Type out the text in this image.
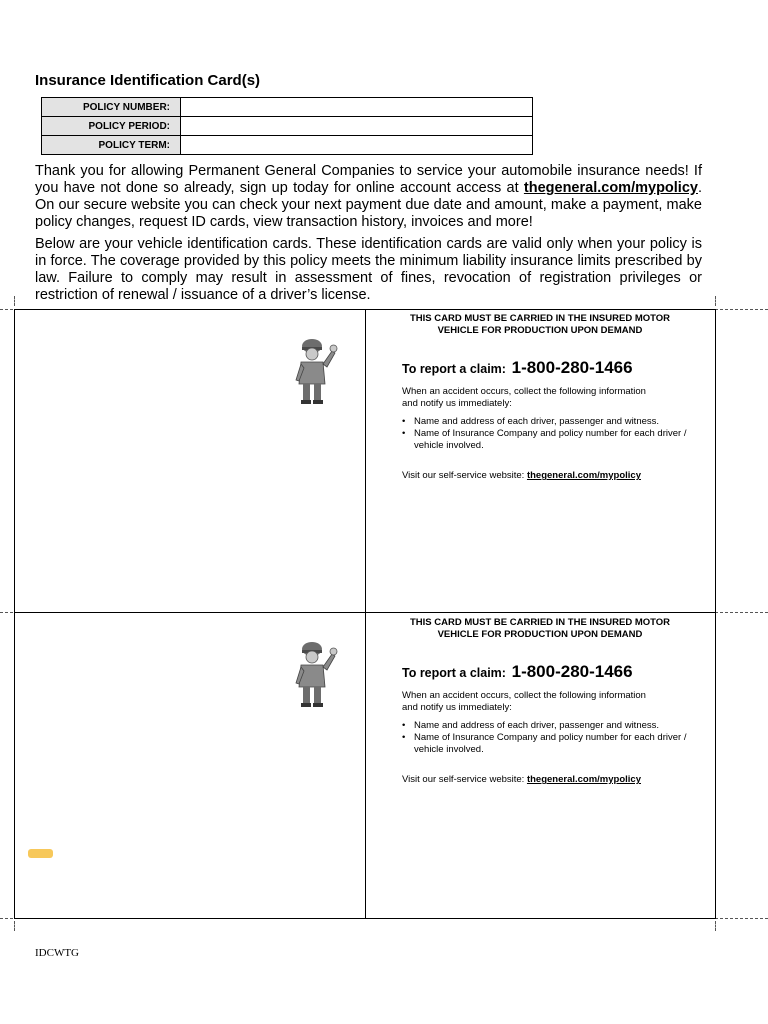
Insurance Identification Card(s)
POLICY NUMBER:	
POLICY PERIOD:	
POLICY TERM:	
Thank you for allowing Permanent General Companies to service your automobile insurance needs! If you have not done so already, sign up today for online account access at thegeneral.com/mypolicy. On our secure website you can check your next payment due date and amount, make a payment, make policy changes, request ID cards, view transaction history, invoices and more!
Below are your vehicle identification cards. These identification cards are valid only when your policy is in force. The coverage provided by this policy meets the minimum liability insurance limits prescribed by law. Failure to comply may result in assessment of fines, revocation of registration privileges or restriction of renewal / issuance of a driver’s license.
THIS CARD MUST BE CARRIED IN THE INSURED MOTOR
VEHICLE FOR PRODUCTION UPON DEMAND
To report a claim: 1-800-280-1466
When an accident occurs, collect the following information
and notify us immediately:
• Name and address of each driver, passenger and witness.
• Name of Insurance Company and policy number for each driver / vehicle involved.
Visit our self-service website: thegeneral.com/mypolicy
THIS CARD MUST BE CARRIED IN THE INSURED MOTOR
VEHICLE FOR PRODUCTION UPON DEMAND
To report a claim: 1-800-280-1466
When an accident occurs, collect the following information
and notify us immediately:
• Name and address of each driver, passenger and witness.
• Name of Insurance Company and policy number for each driver / vehicle involved.
Visit our self-service website: thegeneral.com/mypolicy
IDCWTG
